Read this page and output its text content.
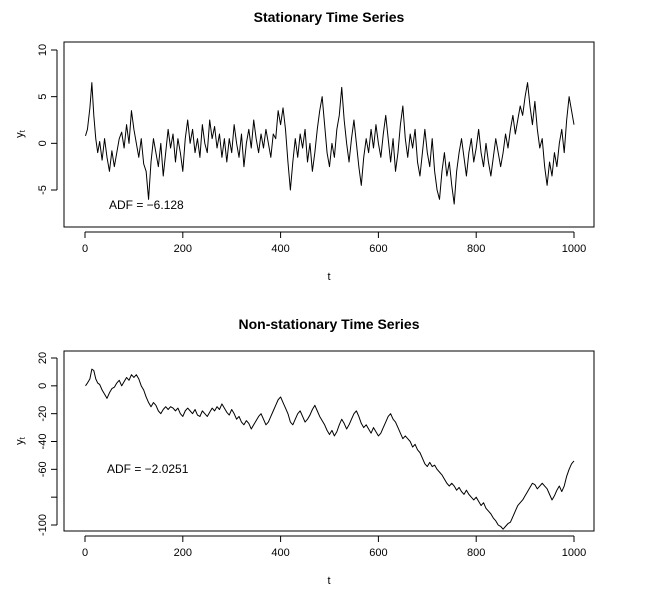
Stationary Time Series
t
yt
ADF = −6.128
0	200	400	600	800	1000
-5
0
5
10
Non-stationary Time Series
t
yt
ADF = −2.0251
0	200	400	600	800	1000
-100
-60
-40
-20
0
20
